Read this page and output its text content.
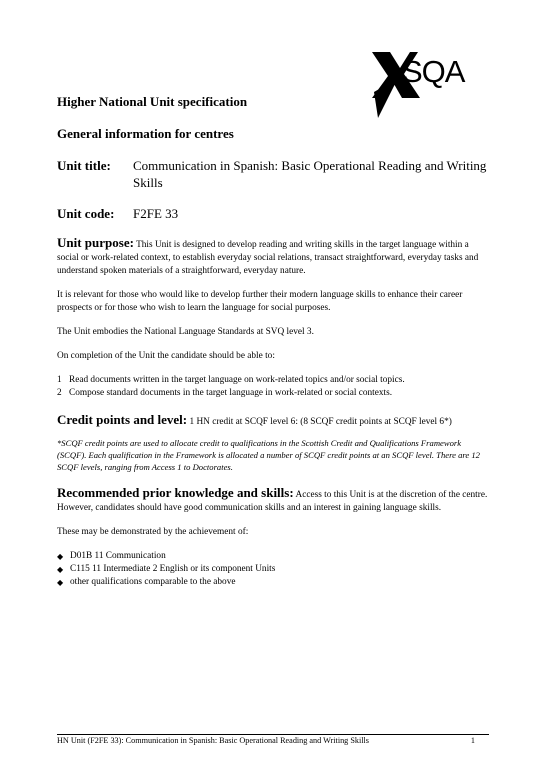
SQA
Higher National Unit specification
General information for centres
Unit title:	Communication in Spanish: Basic Operational Reading and Writing Skills
Unit code:	F2FE 33

Unit purpose: This Unit is designed to develop reading and writing skills in the target language within a social or work-related context, to establish everyday social relations, transact straightforward, everyday tasks and understand spoken materials of a straightforward, everyday nature.

It is relevant for those who would like to develop further their modern language skills to enhance their career prospects or for those who wish to learn the language for social purposes.

The Unit embodies the National Language Standards at SVQ level 3.

On completion of the Unit the candidate should be able to:

1 Read documents written in the target language on work-related topics and/or social topics.
2 Compose standard documents in the target language in work-related or social contexts.

Credit points and level: 1 HN credit at SCQF level 6: (8 SCQF credit points at SCQF level 6*)

*SCQF credit points are used to allocate credit to qualifications in the Scottish Credit and Qualifications Framework (SCQF). Each qualification in the Framework is allocated a number of SCQF credit points at an SCQF level. There are 12 SCQF levels, ranging from Access 1 to Doctorates.

Recommended prior knowledge and skills: Access to this Unit is at the discretion of the centre. However, candidates should have good communication skills and an interest in gaining language skills.

These may be demonstrated by the achievement of:

◆ D01B 11 Communication
◆ C115 11 Intermediate 2 English or its component Units
◆ other qualifications comparable to the above
HN Unit (F2FE 33): Communication in Spanish: Basic Operational Reading and Writing Skills	1
